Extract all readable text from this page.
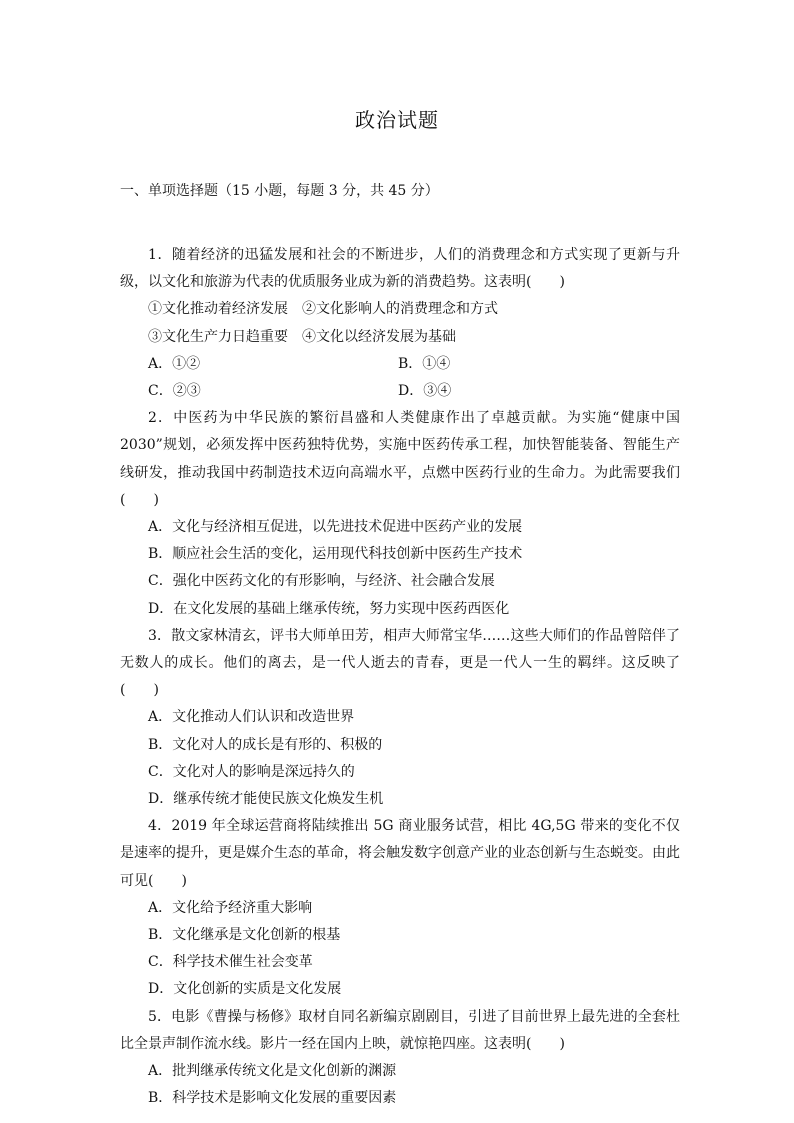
政治试题
一、单项选择题（15 小题，每题 3 分，共 45 分）

1．随着经济的迅猛发展和社会的不断进步，人们的消费理念和方式实现了更新与升级，以文化和旅游为代表的优质服务业成为新的消费趋势。这表明(　　)

①文化推动着经济发展　②文化影响人的消费理念和方式

③文化生产力日趋重要　④文化以经济发展为基础

A．①②	B．①④
C．②③	D．③④

2．中医药为中华民族的繁衍昌盛和人类健康作出了卓越贡献。为实施“健康中国 2030”规划，必须发挥中医药独特优势，实施中医药传承工程，加快智能装备、智能生产线研发，推动我国中药制造技术迈向高端水平，点燃中医药行业的生命力。为此需要我们(　　)

A．文化与经济相互促进，以先进技术促进中医药产业的发展

B．顺应社会生活的变化，运用现代科技创新中医药生产技术

C．强化中医药文化的有形影响，与经济、社会融合发展

D．在文化发展的基础上继承传统，努力实现中医药西医化

3．散文家林清玄，评书大师单田芳，相声大师常宝华……这些大师们的作品曾陪伴了无数人的成长。他们的离去，是一代人逝去的青春，更是一代人一生的羁绊。这反映了(　　)

A．文化推动人们认识和改造世界

B．文化对人的成长是有形的、积极的

C．文化对人的影响是深远持久的

D．继承传统才能使民族文化焕发生机

4．2019 年全球运营商将陆续推出 5G 商业服务试营，相比 4G,5G 带来的变化不仅是速率的提升，更是媒介生态的革命，将会触发数字创意产业的业态创新与生态蜕变。由此可见(　　)

A．文化给予经济重大影响

B．文化继承是文化创新的根基

C．科学技术催生社会变革

D．文化创新的实质是文化发展

5．电影《曹操与杨修》取材自同名新编京剧剧目，引进了目前世界上最先进的全套杜比全景声制作流水线。影片一经在国内上映，就惊艳四座。这表明(　　)

A．批判继承传统文化是文化创新的渊源

B．科学技术是影响文化发展的重要因素
